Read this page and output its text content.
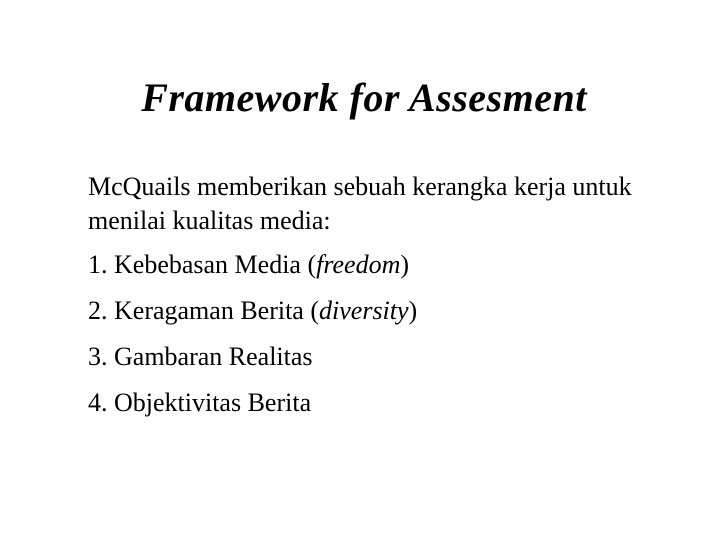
Framework for Assesment

McQuails memberikan sebuah kerangka kerja untuk menilai kualitas media:

1. Kebebasan Media (freedom)
2. Keragaman Berita (diversity)
3. Gambaran Realitas
4. Objektivitas Berita
